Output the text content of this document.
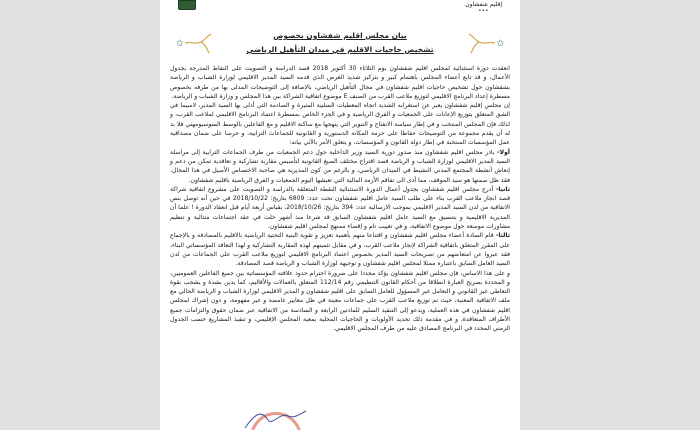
إقليم شفشاون
•••
✩	✩
بيان مجلس اقليم شفشاون بخصوص
تشخيص حاجيات الاقليم في ميدان التأهيل الرياضي

انعقدت دورة استثنائية لمجلس اقليم شفشاون يوم الثلاثاء 30 أكتوبر 2018 قصد الدراسة و التصويت على النقاط المدرجة بجدول الأعمال، و قد تابع أعضاء المجلس باهتمام كبير و بتركيز شديد العرض الذي قدمه السيد المدير الاقليمي لوزارة الشباب و الرياضة بشفشاون حول تشخيص حاجيات اقليم شفشاون في مجال التأهيل الرياضي، بالإضافة إلى التوضيحات المدلى بها من طرفه بخصوص مسطرة إعداد البرنامج الاقليمي لتوزيع ملاعب القرب من الصنف E موضوع اتفاقية الشراكة بين هذا المجلس و وزارة الشباب و الرياضة.

إن مجلس إقليم شفشاون يعبر عن استغرابه الشديد اتجاه المعطيات السلبية المثيرة و الصادمة التي أدلى بها السيد المدير، لاسيما في الشق المتعلق بتوزيع الإعانات على الجمعيات و الفرق الرياضية و في الجزء الخاص بمسطرة اعتماد البرنامج الاقليمي لملاعب القرب، و لذلك فإن المجلس المنتخب و في إطار سياسة الانفتاح و التنوير التي ينهجها مع ساكنة الاقليم و مع الفاعلين بالوسط السوسيومهني فلا بد له أن يقدم مجموعة من التوضيحات حفاظا على حرمة المكانة الدستورية و القانونية للجماعات الترابية، و حرصا على ضمان مصداقية عمل المؤسسات المنتخبة في إطار دولة القانون و المؤسسات، و يتعلق الأمر بالآتي بيانه:

أولا- بادر مجلس اقليم شفشاون منذ صدور دورية السيد وزير الداخلية حول دعم الجمعيات من طرف الجماعات الترابية إلى مراسلة السيد المدير الاقليمي لوزارة الشباب و الرياضة قصد اقتراح مختلف الصيغ القانونية لتأسيس مقاربة تشاركية و تعاقدية تمكن من دعم و إنعاش أنشطة المجتمع المدني النشيط في الميدان الرياضي، و بالرغم من كون المديرية هي صاحبة الاختصاص الأصيل في هذا المجال، فقد ظل صمتها هو سيد الموقف، مما أدى الى تفاقم الأزمة المالية التي تعيشها اليوم الجمعيات و الفرق الرياضية باقليم شفشاون.

ثانيا- أدرج مجلس اقليم شفشاون بجدول أعمال الدورة الاستثنائية النقطة المتعلقة بالدراسة و التصويت على مشروع اتفاقية شراكة قصد انجاز ملاعب القرب بناء على طلب السيد عامل اقليم شفشاون تحت عدد: 6809 بتاريخ: 2018/10/22 في حين أنه توصل بنص الاتفاقية من لدن السيد المدير الاقليمي بموجب الارسالية عدد: 394 بتاريخ: 2018/10/26، بقياس أربعة أيام قبل انعقاد الدورة ! علما أن المديرية الاقليمية و بتنسيق مع السيد عامل اقليم شفشاون السابق قد شرعا منذ أشهر خلت في عقد اجتماعات متتالية و تنظيم مشاورات موسعة حول موضوع الاتفاقية، و في تغييب تام و إقصاء ممنهج لمجلس اقليم شفشاون.

ثالثا- قام السادة أعضاء مجلس اقليم شفشاون و اقتناعا منهم بأهمية تعزيز و تقوية البنية التحتية الرياضية بالاقليم بالمصادقة و بالإجماع على المقرر المتعلق باتفاقية الشراكة لإنجاز ملاعب القرب، و في مقابل تثمينهم لهذه المقاربة التشاركية و لهذا التعاقد المؤسساتي البناء، فقد عبروا عن امتعاضهم من تصريحات السيد المدير بخصوص اعتماد البرنامج الاقليمي لتوزيع ملاعب القرب على الجماعات من لدن السيد العامل السابق باعتباره ممثلا لمجلس اقليم شفشاون و توجيهه لوزارة الشباب و الرياضة قصد المصادقة.

و على هذا الاساس، فإن مجلس اقليم شفشاون يؤكد مجددا على ضرورة احترام حدود علاقته المؤسساتية بين جميع الفاعلين العموميين، و المحددة بصريح العبارة انطلاقا من أحكام القانون التنظيمي رقم 112/14 المتعلق بالعمالات والأقاليم، كما يدين بشدة و يشجب بقوة التعاطي غير القانوني و التعامل غير المسؤول للعامل السابق على اقليم شفشاون و المدير الاقليمي لوزارة الشباب و الرياضة الحالي مع ملف الاتفاقية المعنية، حيث تم توزيع ملاعب القرب على جماعات معينة في ظل معايير غامضة و غير مفهومة، و دون إشراك لمجلس اقليم شفشاون في هذه العملية، ويدعو إلى التنفيذ السليم للمادتين الرابعة و السادسة من الاتفاقية عبر ضمان حقوق والتزامات جميع الأطراف المتعاقدة، و في مقدمة ذلك تحديد الأولويات و الحاجيات المحلية بمعية المجلس الإقليمي، و تنفيذ المشاريع حسب الجدول الزمني المحدد في البرنامج المصادق عليه من طرف المجلس الاقليمي.
